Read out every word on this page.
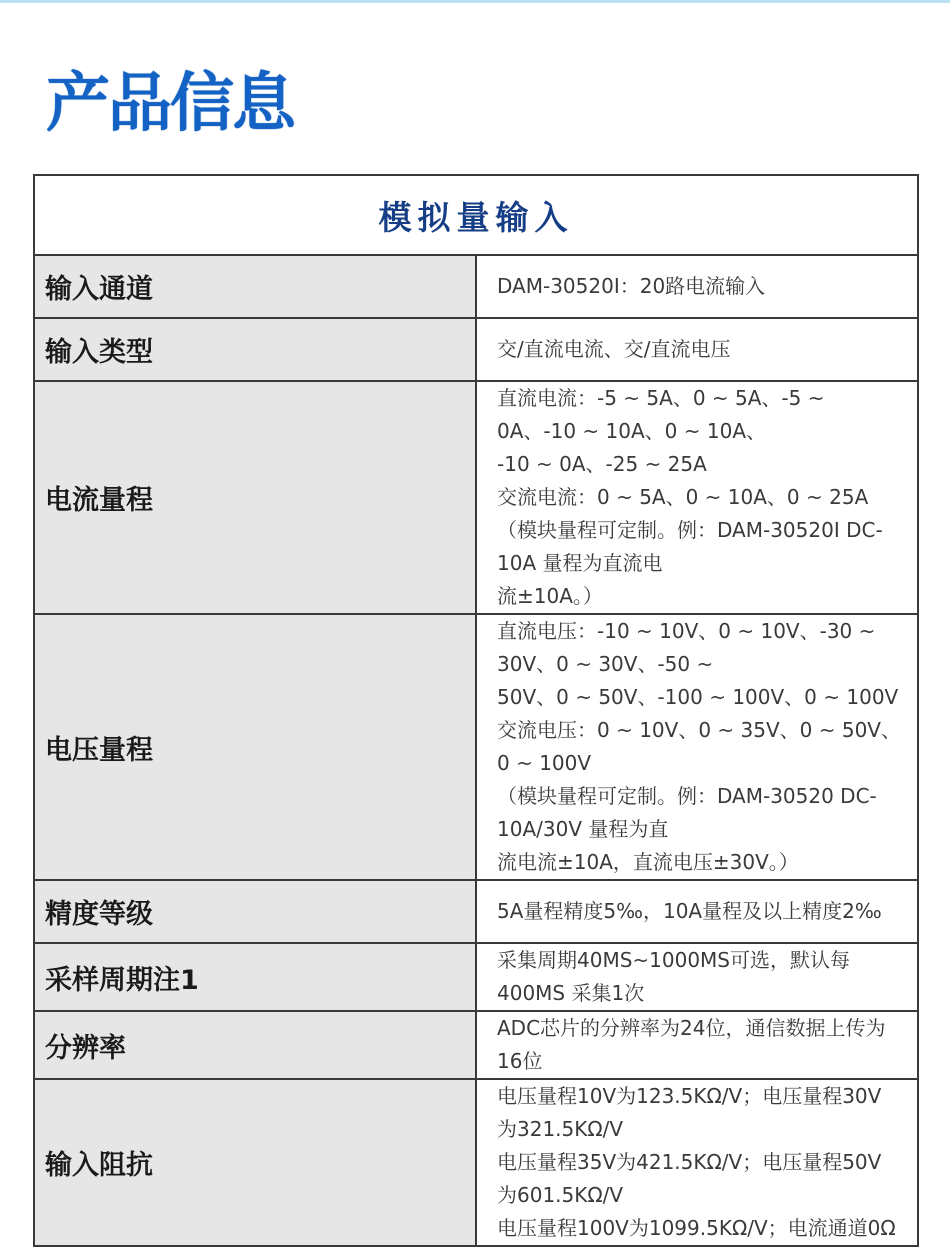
产品信息
模拟量输入	
输入通道	DAM-30520I：20路电流输入

输入类型	交/直流电流、交/直流电压

电流量程	直流电流：-5 ~ 5A、0 ~ 5A、-5 ~ 0A、-10 ~ 10A、0 ~ 10A、
-10 ~ 0A、-25 ~ 25A
交流电流：0 ~ 5A、0 ~ 10A、0 ~ 25A
（模块量程可定制。例：DAM-30520I DC-10A 量程为直流电
流±10A。）

电压量程	直流电压：-10 ~ 10V、0 ~ 10V、-30 ~ 30V、0 ~ 30V、-50 ~
50V、0 ~ 50V、-100 ~ 100V、0 ~ 100V
交流电压：0 ~ 10V、0 ~ 35V、0 ~ 50V、0 ~ 100V
（模块量程可定制。例：DAM-30520 DC-10A/30V 量程为直
流电流±10A，直流电压±30V。）

精度等级	5A量程精度5‰，10A量程及以上精度2‰

采样周期注1	采集周期40MS~1000MS可选，默认每 400MS 采集1次

分辨率	ADC芯片的分辨率为24位，通信数据上传为16位

输入阻抗	电压量程10V为123.5KΩ/V；电压量程30V为321.5KΩ/V
电压量程35V为421.5KΩ/V；电压量程50V为601.5KΩ/V
电压量程100V为1099.5KΩ/V；电流通道0Ω
